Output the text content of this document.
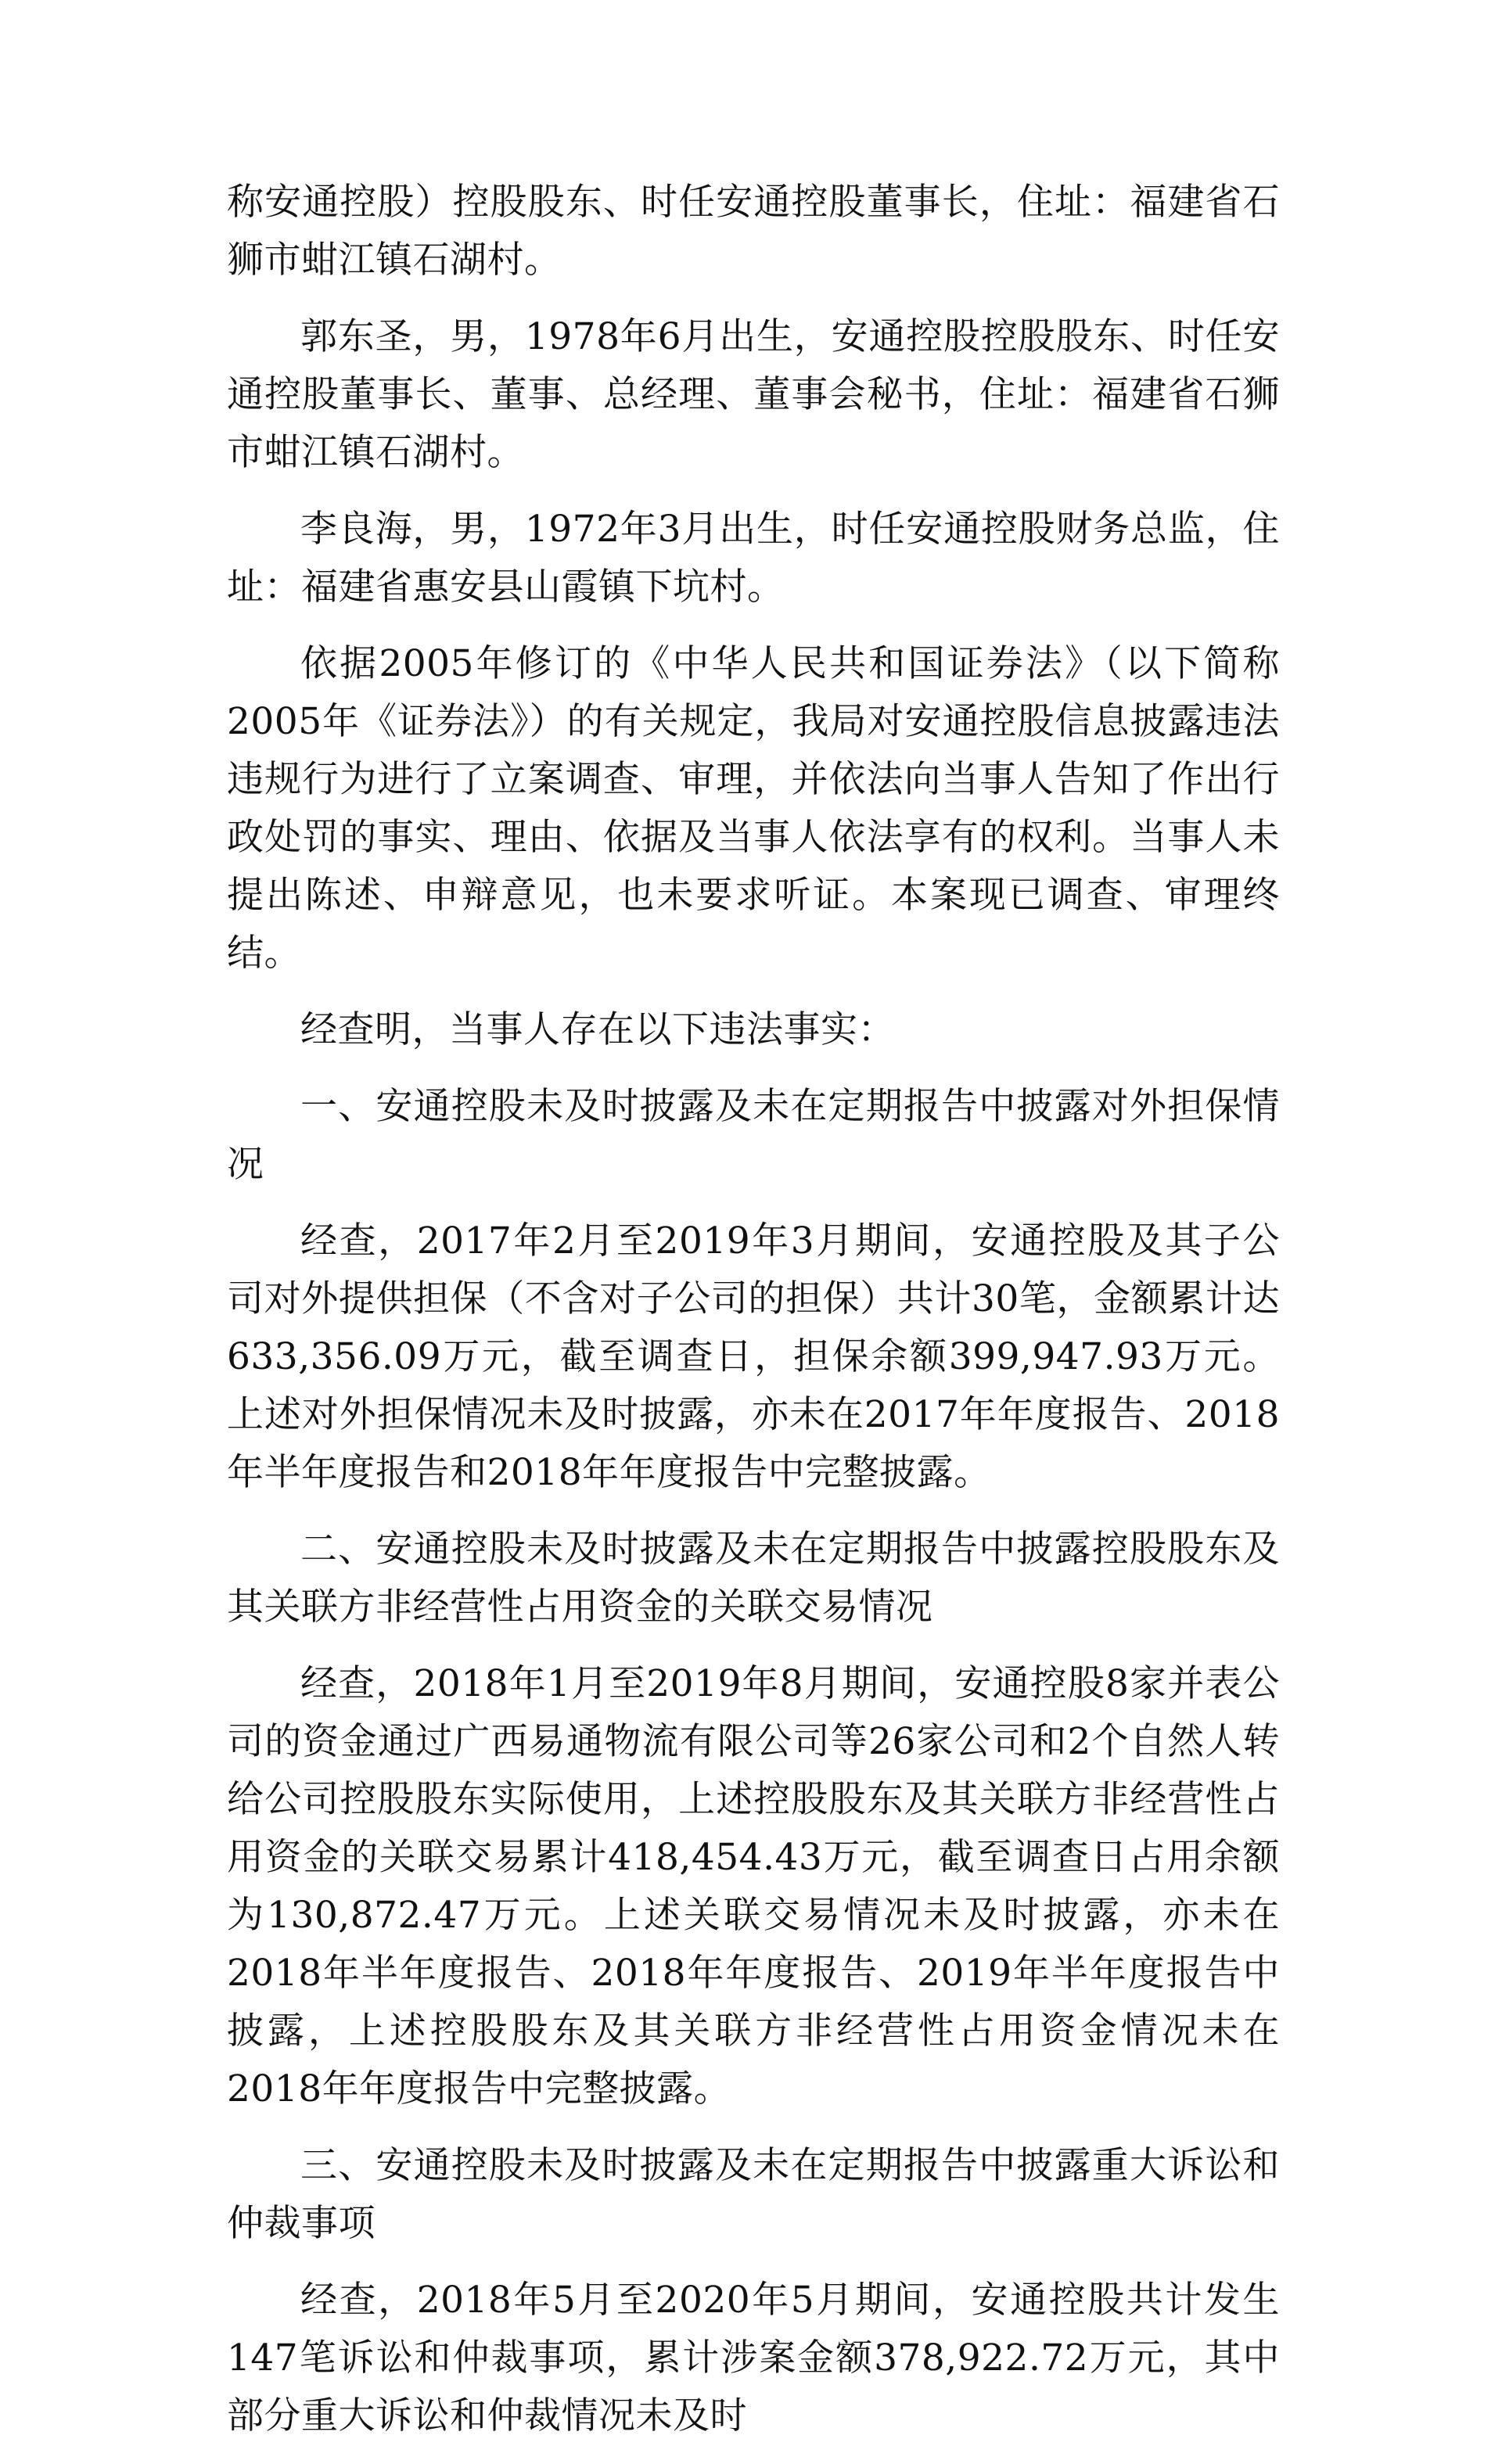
称安通控股）控股股东、时任安通控股董事长，住址：福建省石狮市蚶江镇石湖村。

郭东圣，男，1978年6月出生，安通控股控股股东、时任安通控股董事长、董事、总经理、董事会秘书，住址：福建省石狮市蚶江镇石湖村。

李良海，男，1972年3月出生，时任安通控股财务总监，住址：福建省惠安县山霞镇下坑村。

依据2005年修订的《中华人民共和国证券法》（以下简称2005年《证券法》）的有关规定，我局对安通控股信息披露违法违规行为进行了立案调查、审理，并依法向当事人告知了作出行政处罚的事实、理由、依据及当事人依法享有的权利。当事人未提出陈述、申辩意见，也未要求听证。本案现已调查、审理终结。

经查明，当事人存在以下违法事实：

一、安通控股未及时披露及未在定期报告中披露对外担保情况

经查，2017年2月至2019年3月期间，安通控股及其子公司对外提供担保（不含对子公司的担保）共计30笔，金额累计达633,356.09万元，截至调查日，担保余额399,947.93万元。上述对外担保情况未及时披露，亦未在2017年年度报告、2018年半年度报告和2018年年度报告中完整披露。

二、安通控股未及时披露及未在定期报告中披露控股股东及其关联方非经营性占用资金的关联交易情况

经查，2018年1月至2019年8月期间，安通控股8家并表公司的资金通过广西易通物流有限公司等26家公司和2个自然人转给公司控股股东实际使用，上述控股股东及其关联方非经营性占用资金的关联交易累计418,454.43万元，截至调查日占用余额为130,872.47万元。上述关联交易情况未及时披露，亦未在2018年半年度报告、2018年年度报告、2019年半年度报告中披露，上述控股股东及其关联方非经营性占用资金情况未在2018年年度报告中完整披露。

三、安通控股未及时披露及未在定期报告中披露重大诉讼和仲裁事项

经查，2018年5月至2020年5月期间，安通控股共计发生147笔诉讼和仲裁事项，累计涉案金额378,922.72万元，其中部分重大诉讼和仲裁情况未及时
